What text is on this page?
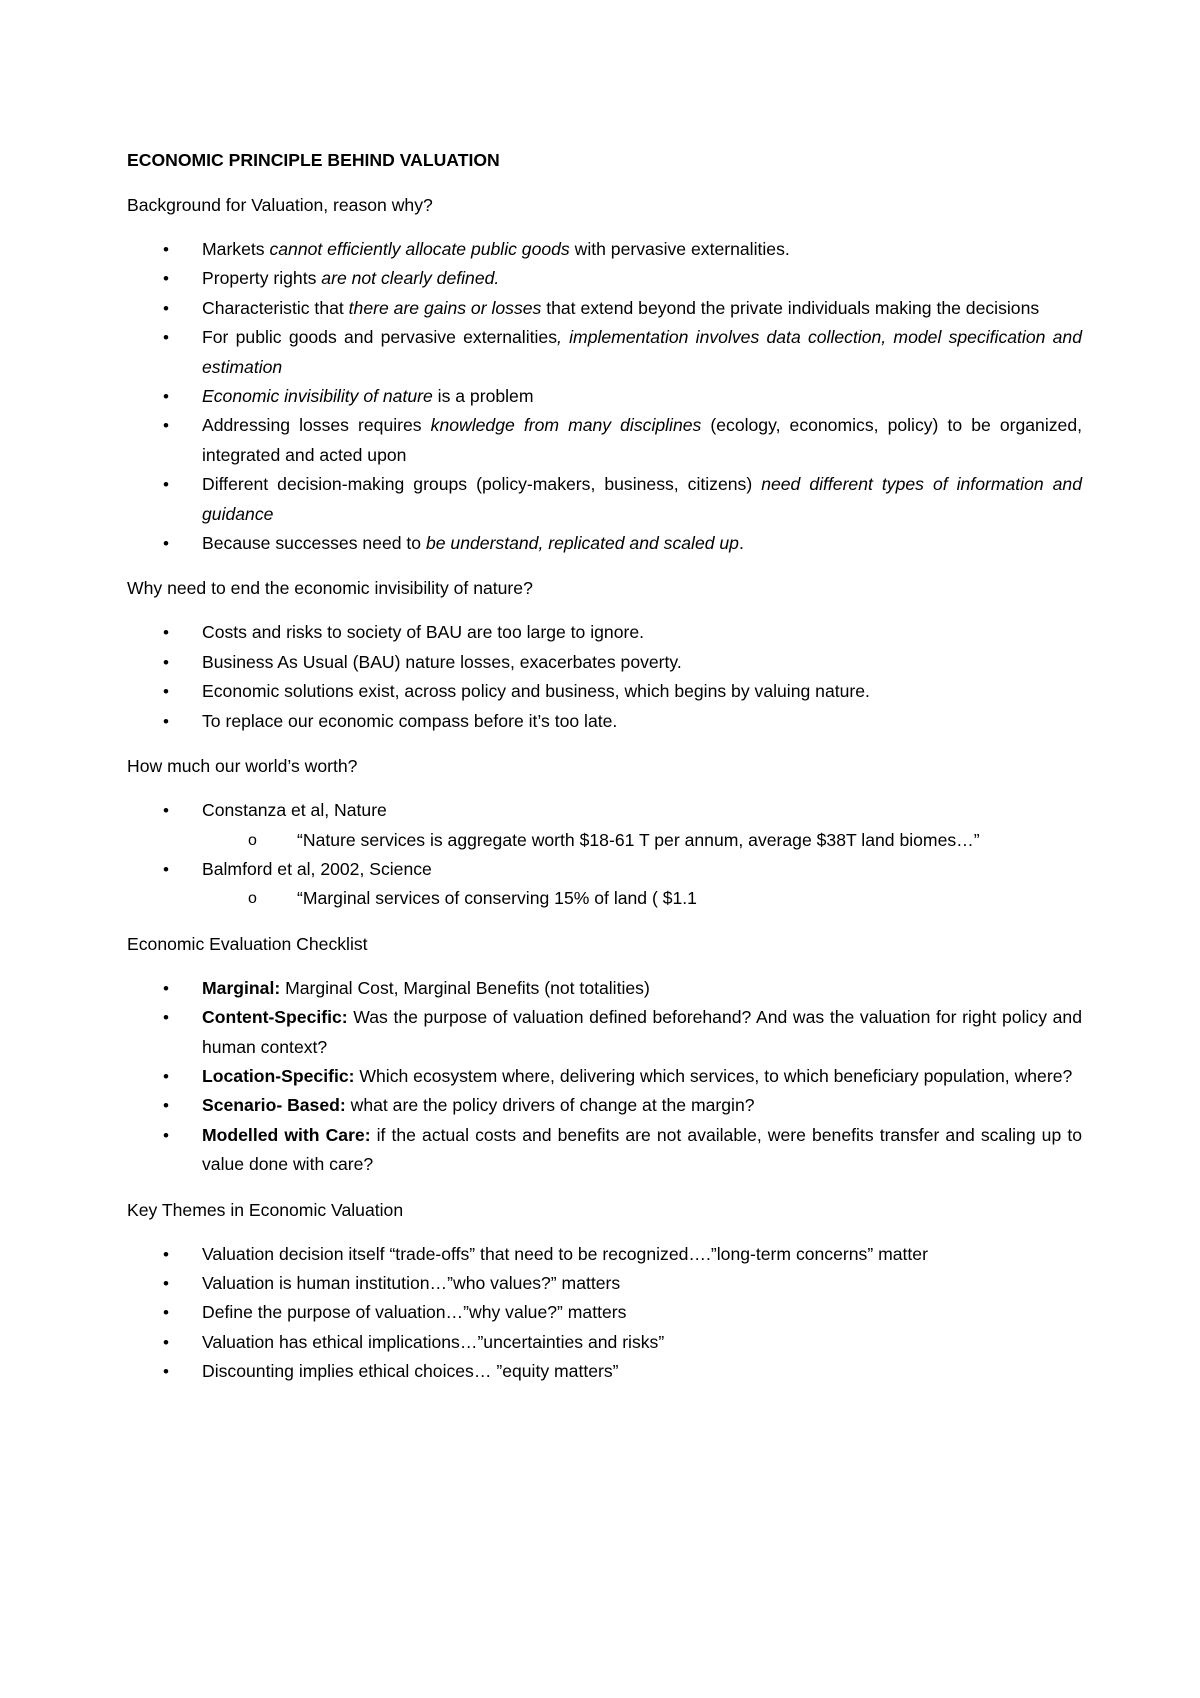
ECONOMIC PRINCIPLE BEHIND VALUATION
Background for Valuation, reason why?
• Markets cannot efficiently allocate public goods with pervasive externalities.
• Property rights are not clearly defined.
• Characteristic that there are gains or losses that extend beyond the private individuals making the decisions
• For public goods and pervasive externalities, implementation involves data collection, model specification and estimation
• Economic invisibility of nature is a problem
• Addressing losses requires knowledge from many disciplines (ecology, economics, policy) to be organized, integrated and acted upon
• Different decision-making groups (policy-makers, business, citizens) need different types of information and guidance
• Because successes need to be understand, replicated and scaled up.
Why need to end the economic invisibility of nature?
• Costs and risks to society of BAU are too large to ignore.
• Business As Usual (BAU) nature losses, exacerbates poverty.
• Economic solutions exist, across policy and business, which begins by valuing nature.
• To replace our economic compass before it’s too late.
How much our world’s worth?
• Constanza et al, Nature
o “Nature services is aggregate worth $18-61 T per annum, average $38T land biomes…”
• Balmford et al, 2002, Science
o “Marginal services of conserving 15% of land ( $1.1
Economic Evaluation Checklist
• Marginal: Marginal Cost, Marginal Benefits (not totalities)
• Content-Specific: Was the purpose of valuation defined beforehand? And was the valuation for right policy and human context?
• Location-Specific: Which ecosystem where, delivering which services, to which beneficiary population, where?
• Scenario- Based: what are the policy drivers of change at the margin?
• Modelled with Care: if the actual costs and benefits are not available, were benefits transfer and scaling up to value done with care?
Key Themes in Economic Valuation
• Valuation decision itself “trade-offs” that need to be recognized….”long-term concerns” matter
• Valuation is human institution…”who values?” matters
• Define the purpose of valuation…”why value?” matters
• Valuation has ethical implications…”uncertainties and risks”
• Discounting implies ethical choices… ”equity matters”
